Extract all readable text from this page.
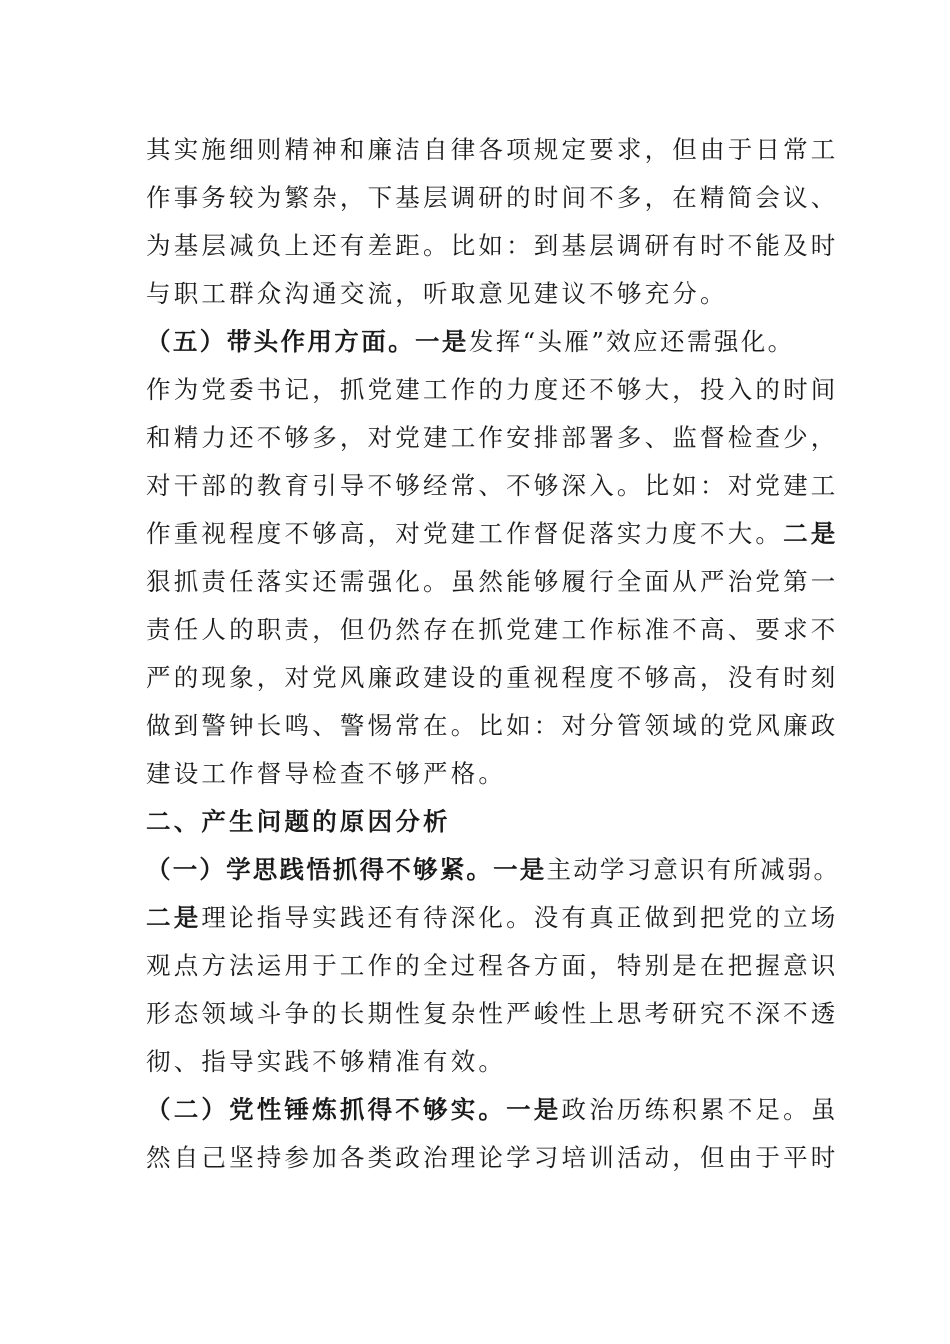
其实施细则精神和廉洁自律各项规定要求，但由于日常工
作事务较为繁杂，下基层调研的时间不多，在精简会议、
为基层减负上还有差距。比如：到基层调研有时不能及时
与职工群众沟通交流，听取意见建议不够充分。
（五）带头作用方面。一是发挥“头雁”效应还需强化。
作为党委书记，抓党建工作的力度还不够大，投入的时间
和精力还不够多，对党建工作安排部署多、监督检查少，
对干部的教育引导不够经常、不够深入。比如：对党建工
作重视程度不够高，对党建工作督促落实力度不大。二是
狠抓责任落实还需强化。虽然能够履行全面从严治党第一
责任人的职责，但仍然存在抓党建工作标准不高、要求不
严的现象，对党风廉政建设的重视程度不够高，没有时刻
做到警钟长鸣、警惕常在。比如：对分管领域的党风廉政
建设工作督导检查不够严格。
二、产生问题的原因分析
（一）学思践悟抓得不够紧。一是主动学习意识有所减弱。
二是理论指导实践还有待深化。没有真正做到把党的立场
观点方法运用于工作的全过程各方面，特别是在把握意识
形态领域斗争的长期性复杂性严峻性上思考研究不深不透
彻、指导实践不够精准有效。
（二）党性锤炼抓得不够实。一是政治历练积累不足。虽
然自己坚持参加各类政治理论学习培训活动，但由于平时
